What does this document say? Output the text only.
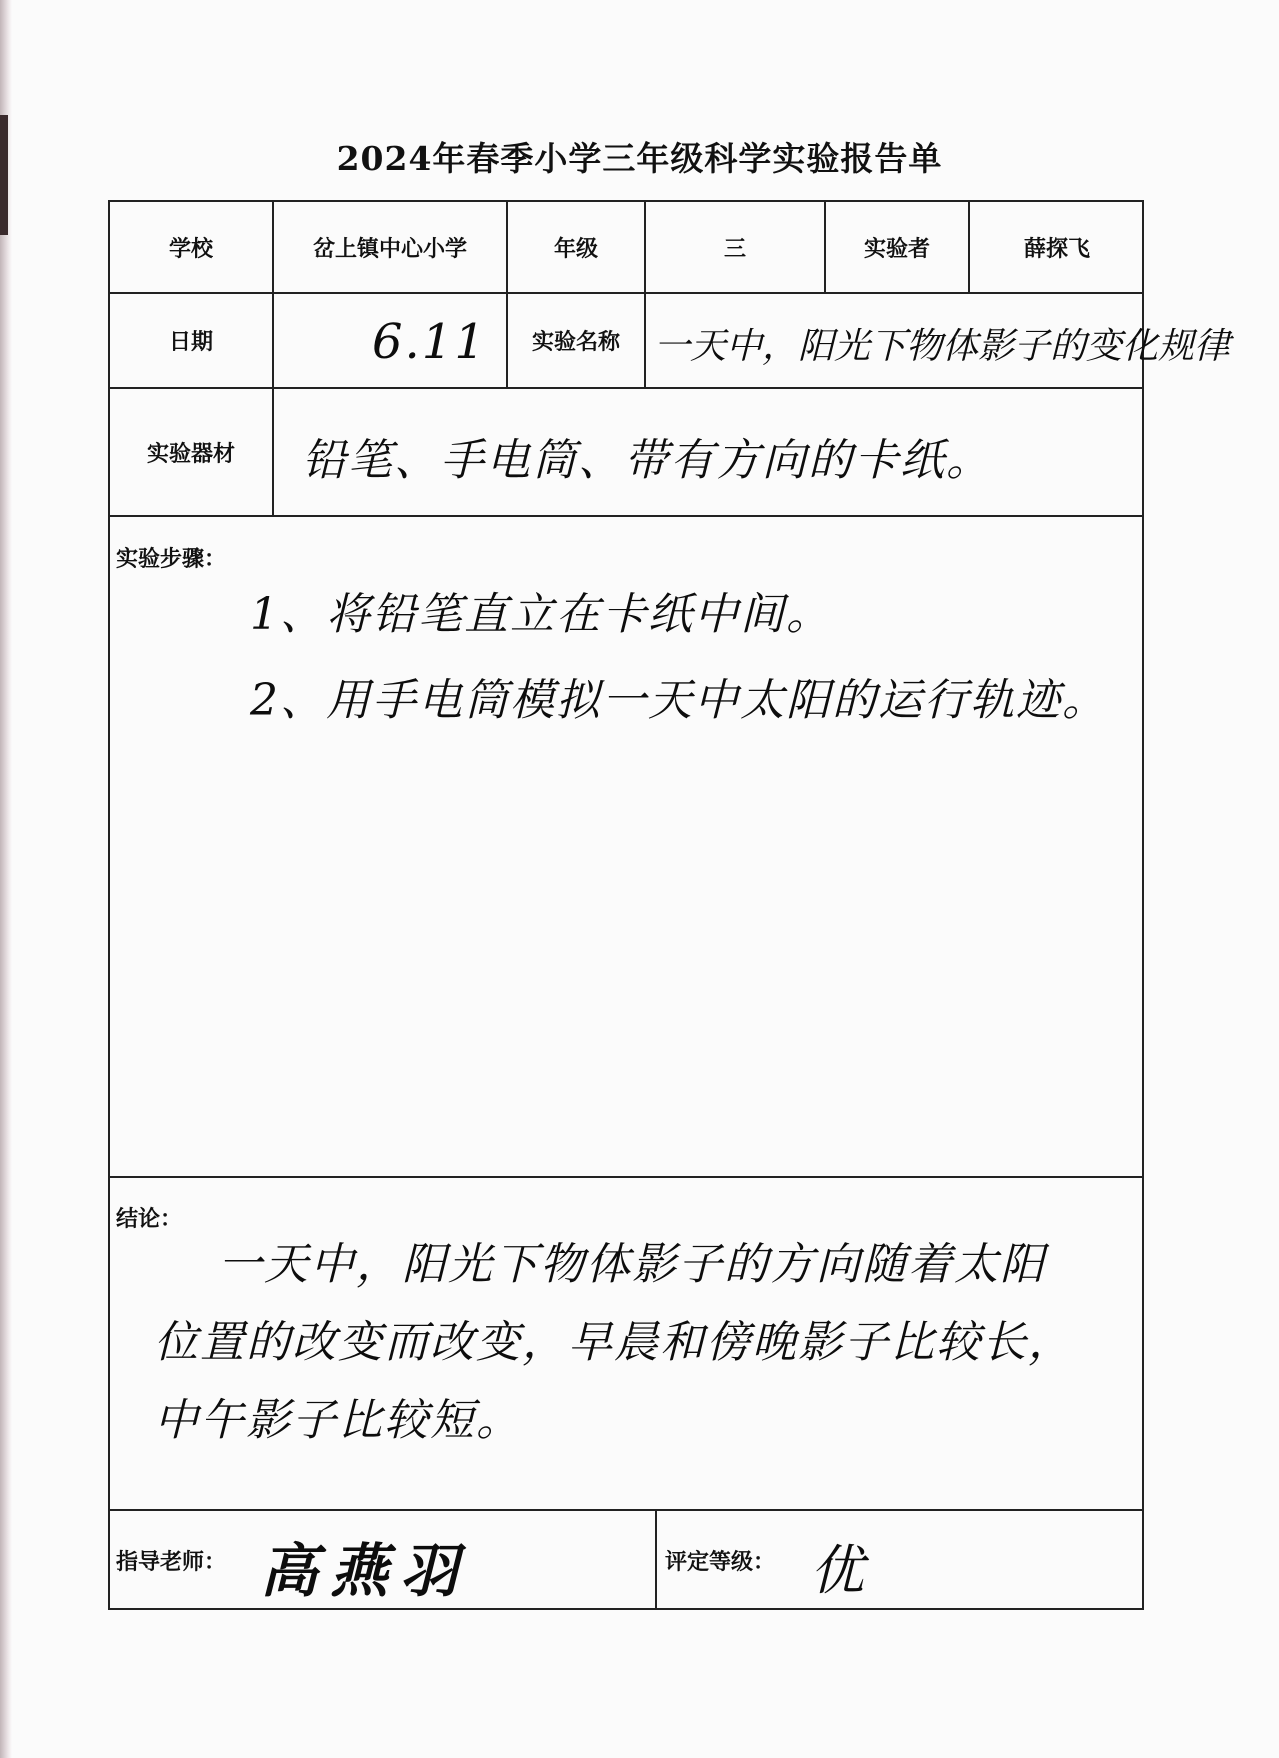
2024年春季小学三年级科学实验报告单
学校	岔上镇中心小学	年级	三	实验者	薛探飞
日期	6.11	实验名称 一天中，阳光下物体影子的变化规律
实验器材	铅笔、手电筒、带有方向的卡纸。
实验步骤：
1、将铅笔直立在卡纸中间。
2、用手电筒模拟一天中太阳的运行轨迹。
结论：
一天中，阳光下物体影子的方向随着太阳位置的改变而改变，早晨和傍晚影子比较长，中午影子比较短。
指导老师： 高燕羽	评定等级： 优
